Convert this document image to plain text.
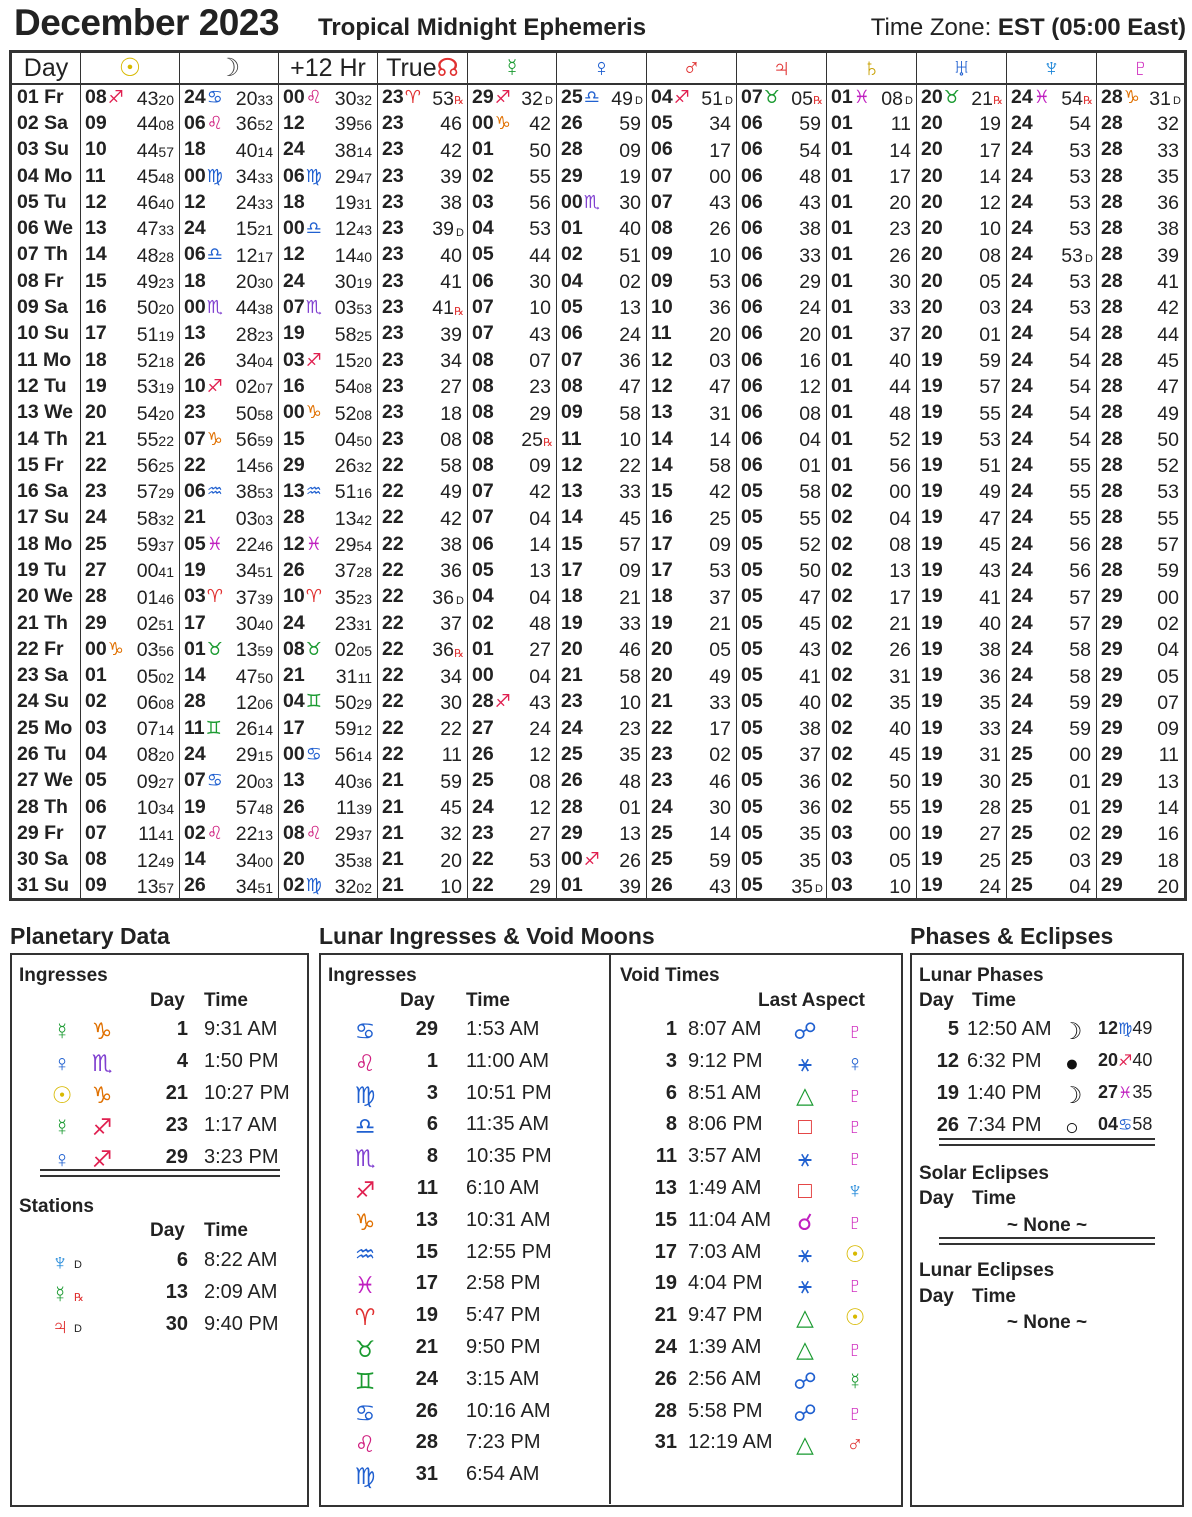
December 2023 Tropical Midnight Ephemeris	Time Zone: EST (05:00 East)
Day	☉	☽	+12 Hr	True☊	☿	♀	♂	♃	♄	♅	♆	♇
01 Fr	08♐ 4320	24♋ 2033	00♌ 3032	23♈ 53 ℞	29♐ 32 D	25♎ 49 D	04♐ 51 D	07♉ 05 ℞	01♓ 08 D	20♉ 21 ℞	24♓ 54 ℞	28♑ 31 D

02 Sa	09 4408	06♌ 3652	12 3956	23 46	00♑ 42	26 59	05 34	06 59	01 11	20 19	24 54	28 32

03 Su	10 4457	18 4014	24 3814	23 42	01 50	28 09	06 17	06 54	01 14	20 17	24 53	28 33

04 Mo	11 4548	00♍ 3433	06♍ 2947	23 39	02 55	29 19	07 00	06 48	01 17	20 14	24 53	28 35

05 Tu	12 4640	12 2433	18 1931	23 38	03 56	00♏ 30	07 43	06 43	01 20	20 12	24 53	28 36

06 We	13 4733	24 1521	00♎ 1243	23 39 D	04 53	01 40	08 26	06 38	01 23	20 10	24 53	28 38

07 Th	14 4828	06♎ 1217	12 1440	23 40	05 44	02 51	09 10	06 33	01 26	20 08	24 53 D	28 39

08 Fr	15 4923	18 2030	24 3019	23 41	06 30	04 02	09 53	06 29	01 30	20 05	24 53	28 41

09 Sa	16 5020	00♏ 4438	07♏ 0353	23 41 ℞	07 10	05 13	10 36	06 24	01 33	20 03	24 53	28 42

10 Su	17 5119	13 2823	19 5825	23 39	07 43	06 24	11 20	06 20	01 37	20 01	24 54	28 44

11 Mo	18 5218	26 3404	03♐ 1520	23 34	08 07	07 36	12 03	06 16	01 40	19 59	24 54	28 45

12 Tu	19 5319	10♐ 0207	16 5408	23 27	08 23	08 47	12 47	06 12	01 44	19 57	24 54	28 47

13 We	20 5420	23 5058	00♑ 5208	23 18	08 29	09 58	13 31	06 08	01 48	19 55	24 54	28 49

14 Th	21 5522	07♑ 5659	15 0450	23 08	08 25 ℞	11 10	14 14	06 04	01 52	19 53	24 54	28 50

15 Fr	22 5625	22 1456	29 2632	22 58	08 09	12 22	14 58	06 01	01 56	19 51	24 55	28 52

16 Sa	23 5729	06♒ 3853	13♒ 5116	22 49	07 42	13 33	15 42	05 58	02 00	19 49	24 55	28 53

17 Su	24 5832	21 0303	28 1342	22 42	07 04	14 45	16 25	05 55	02 04	19 47	24 55	28 55

18 Mo	25 5937	05♓ 2246	12♓ 2954	22 38	06 14	15 57	17 09	05 52	02 08	19 45	24 56	28 57

19 Tu	27 0041	19 3451	26 3728	22 36	05 13	17 09	17 53	05 50	02 13	19 43	24 56	28 59

20 We	28 0146	03♈ 3739	10♈ 3523	22 36 D	04 04	18 21	18 37	05 47	02 17	19 41	24 57	29 00

21 Th	29 0251	17 3040	24 2331	22 37	02 48	19 33	19 21	05 45	02 21	19 40	24 57	29 02

22 Fr	00♑ 0356	01♉ 1359	08♉ 0205	22 36 ℞	01 27	20 46	20 05	05 43	02 26	19 38	24 58	29 04

23 Sa	01 0502	14 4750	21 3111	22 34	00 04	21 58	20 49	05 41	02 31	19 36	24 58	29 05

24 Su	02 0608	28 1206	04♊ 5029	22 30	28♐ 43	23 10	21 33	05 40	02 35	19 35	24 59	29 07

25 Mo	03 0714	11♊ 2614	17 5912	22 22	27 24	24 23	22 17	05 38	02 40	19 33	24 59	29 09

26 Tu	04 0820	24 2915	00♋ 5614	22 11	26 12	25 35	23 02	05 37	02 45	19 31	25 00	29 11

27 We	05 0927	07♋ 2003	13 4036	21 59	25 08	26 48	23 46	05 36	02 50	19 30	25 01	29 13

28 Th	06 1034	19 5748	26 1139	21 45	24 12	28 01	24 30	05 36	02 55	19 28	25 01	29 14

29 Fr	07 1141	02♌ 2213	08♌ 2937	21 32	23 27	29 13	25 14	05 35	03 00	19 27	25 02	29 16

30 Sa	08 1249	14 3400	20 3538	21 20	22 53	00♐ 26	25 59	05 35	03 05	19 25	25 03	29 18

31 Su	09 1357	26 3451	02♍ 3202	21 10	22 29	01 39	26 43	05 35 D	03 10	19 24	25 04	29 20
Planetary Data	Lunar Ingresses & Void Moons	Phases & Eclipses
Ingresses
Day Time
☿ ♑	1 9:31 AM
♀ ♏	4 1:50 PM
☉ ♑	21 10:27 PM
☿ ♐	23 1:17 AM
♀ ♐	29 3:23 PM
Stations
Day Time
♆ D	6 8:22 AM
☿ ℞	13 2:09 AM
♃ D	30 9:40 PM
Ingresses
Day Time
Void Times
Last Aspect
♋	29 1:53 AM
♌	1 11:00 AM
♍	3 10:51 PM
♎	6 11:35 AM
♏	8 10:35 PM
♐	11 6:10 AM
♑	13 10:31 AM
♒	15 12:55 PM
♓	17 2:58 PM
♈	19 5:47 PM
♉	21 9:50 PM
♊	24 3:15 AM
♋	26 10:16 AM
♌	28 7:23 PM
♍	31 6:54 AM
1 8:07 AM ☍ ♇
3 9:12 PM	⚹	♀
6 8:51 AM △ ♇
8 8:06 PM	□	♇
11 3:57 AM	⚹	♇
13 1:49 AM	□	♆
15 11:04 AM ☌ ♇
17 7:03 AM	⚹	☉
19 4:04 PM	⚹	♇
21 9:47 PM △ ☉
24 1:39 AM △ ♇
26 2:56 AM ☍ ☿
28 5:58 PM ☍ ♇
31 12:19 AM △ ♂
Lunar Phases
Day Time
5 12:50 AM ☽ 12♍49
12 6:32 PM	●	20♐40
19 1:40 PM ☽ 27♓35
26 7:34 PM	○	04♋58
Solar Eclipses
Day Time
~ None ~
Lunar Eclipses
Day Time
~ None ~
